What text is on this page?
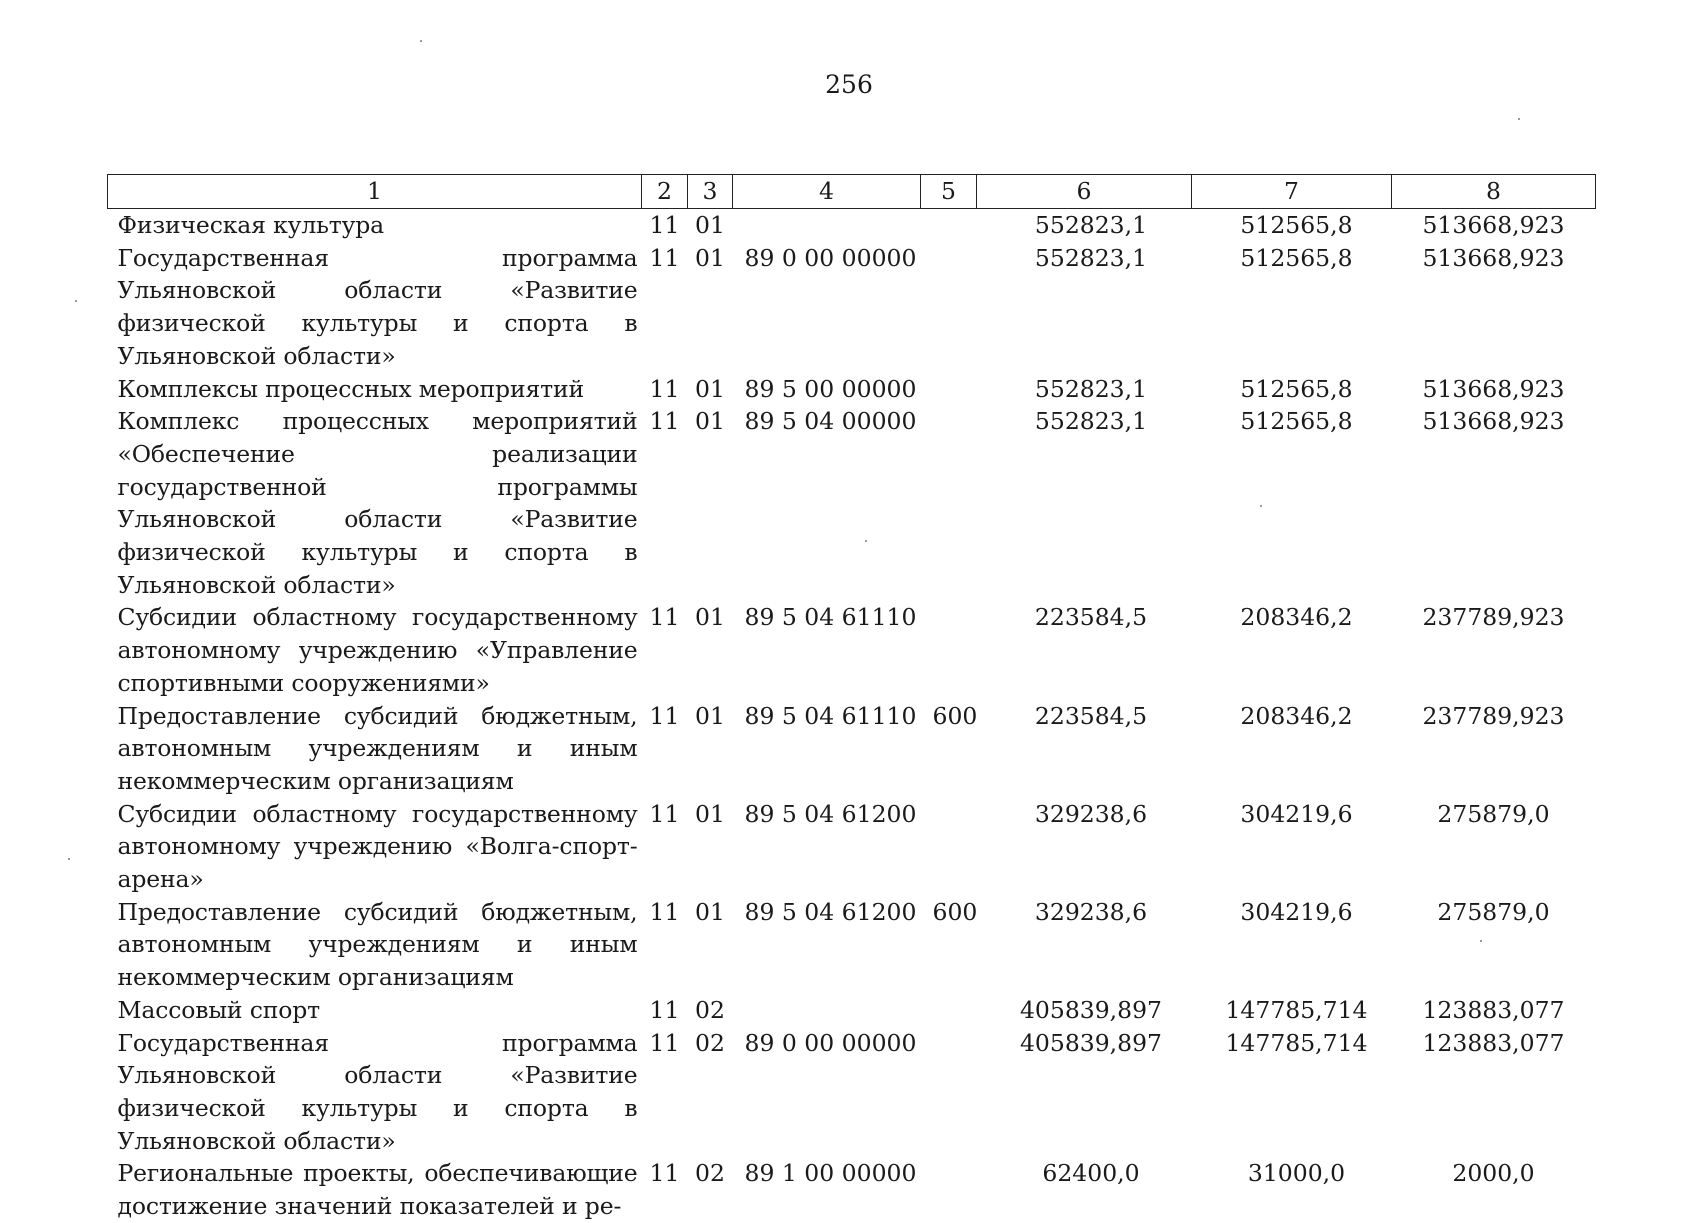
256
1	2	3	4	5	6	7	8
Физическая культура	11	01			552823,1	512565,8	513668,923
Государственная программа Ульяновской области «Развитие физической культуры и спорта в Ульяновской области»	11	01	89 0 00 00000		552823,1	512565,8	513668,923
Комплексы процессных мероприятий	11	01	89 5 00 00000		552823,1	512565,8	513668,923
Комплекс процессных мероприятий «Обеспечение реализации государственной программы Ульяновской области «Развитие физической культуры и спорта в Ульяновской области»	11	01	89 5 04 00000		552823,1	512565,8	513668,923
Субсидии областному государственному автономному учреждению «Управление спортивными сооружениями»	11	01	89 5 04 61110		223584,5	208346,2	237789,923
Предоставление субсидий бюджетным, автономным учреждениям и иным некоммерческим организациям	11	01	89 5 04 61110	600	223584,5	208346,2	237789,923
Субсидии областному государственному автономному учреждению «Волга-спорт-арена»	11	01	89 5 04 61200		329238,6	304219,6	275879,0
Предоставление субсидий бюджетным, автономным учреждениям и иным некоммерческим организациям	11	01	89 5 04 61200	600	329238,6	304219,6	275879,0
Массовый спорт	11	02			405839,897	147785,714	123883,077
Государственная программа Ульяновской области «Развитие физической культуры и спорта в Ульяновской области»	11	02	89 0 00 00000		405839,897	147785,714	123883,077
Региональные проекты, обеспечивающие достижение значений показателей и ре-	11	02	89 1 00 00000		62400,0	31000,0	2000,0
